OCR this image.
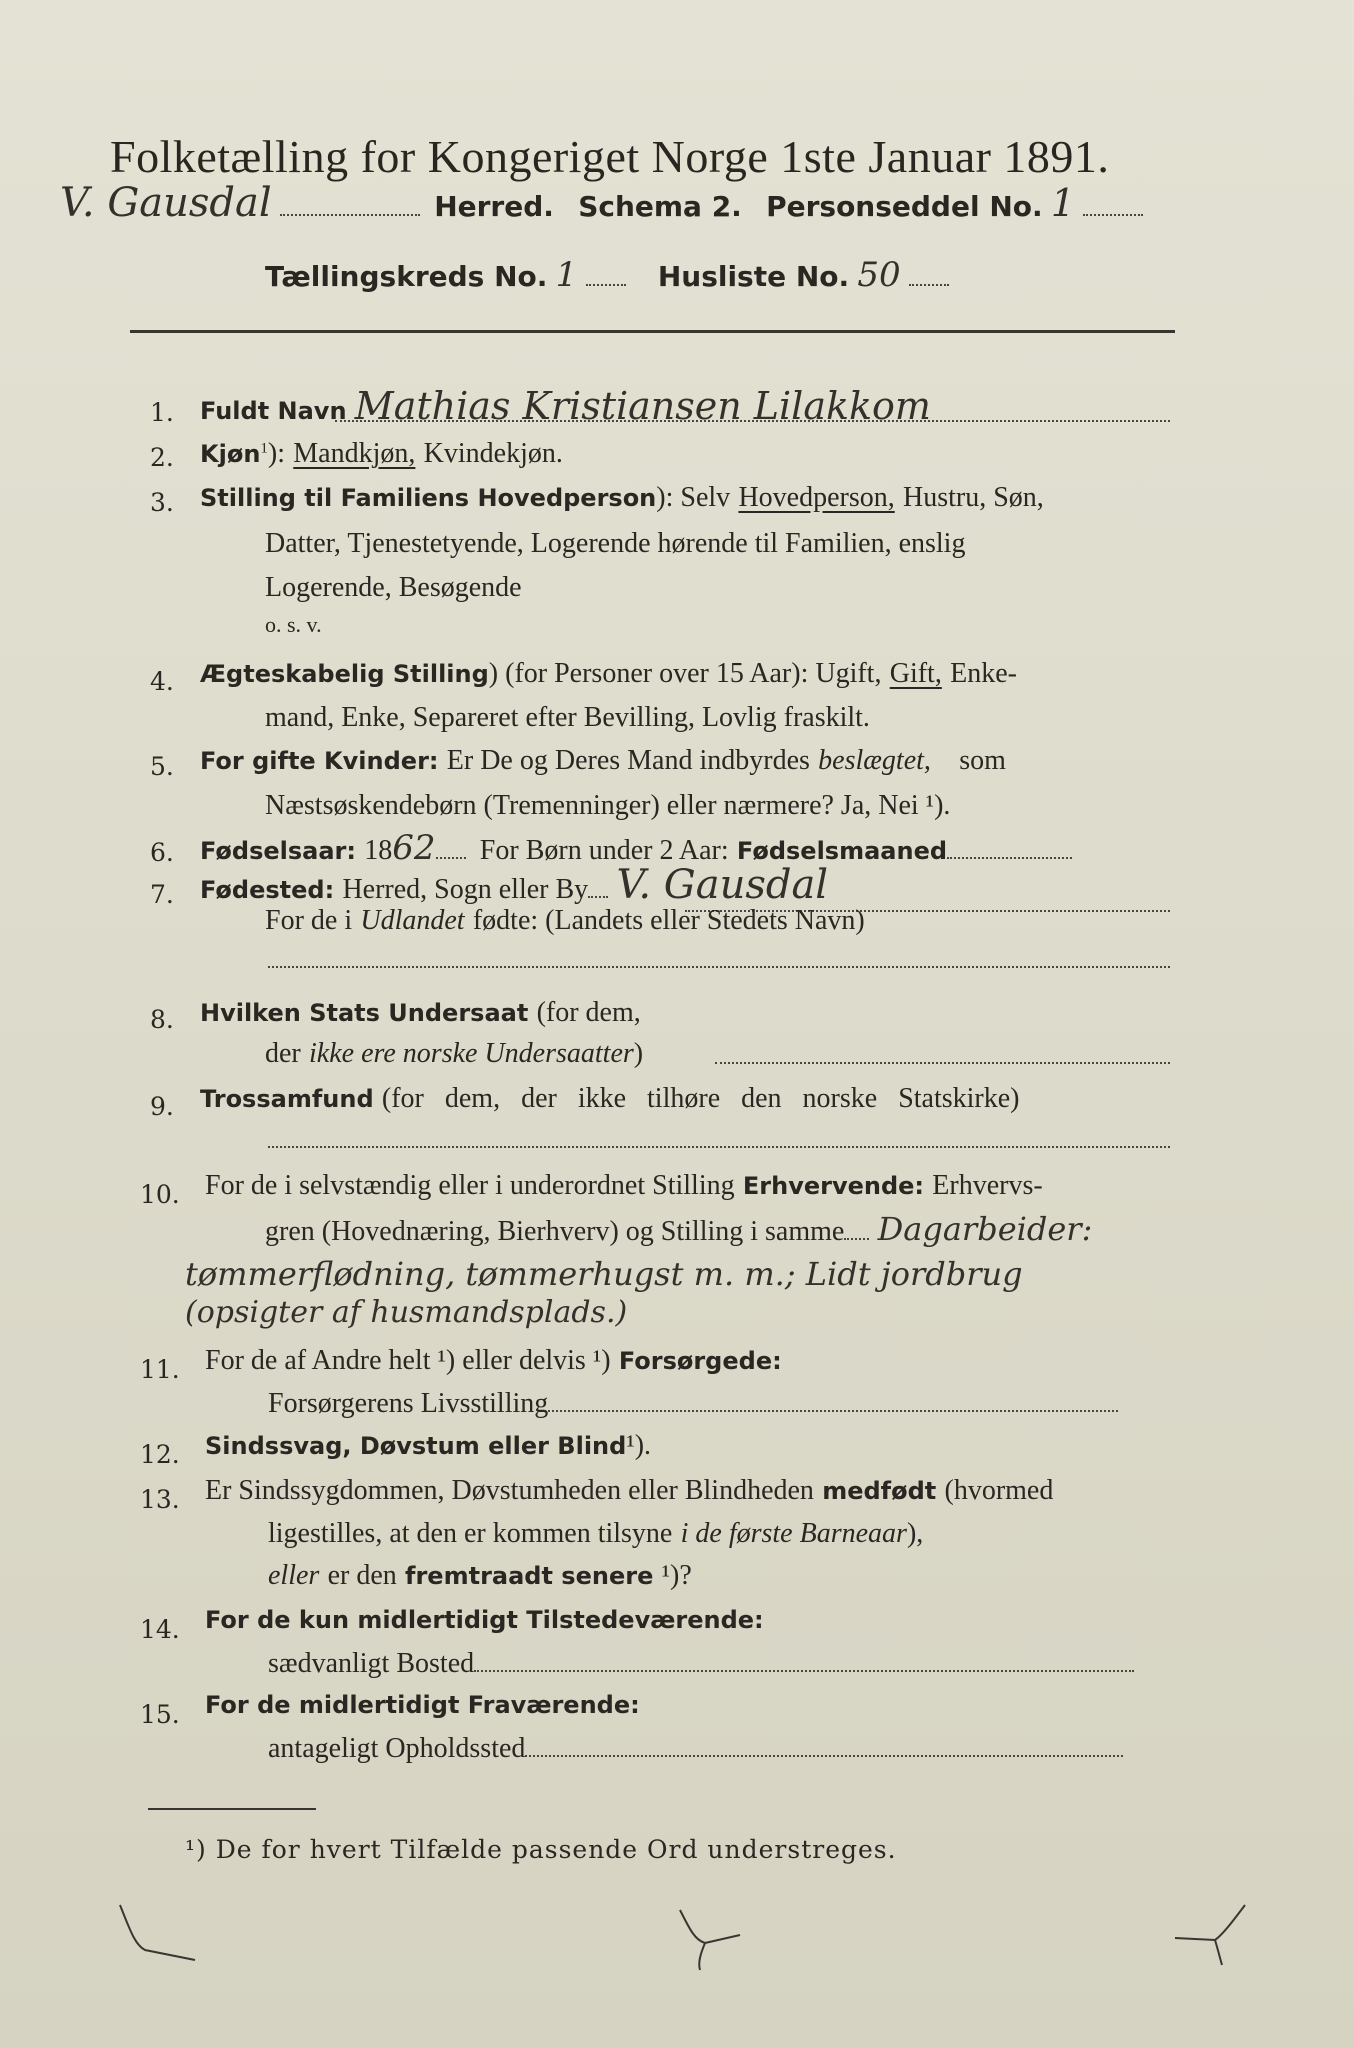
Folketælling for Kongeriget Norge 1ste Januar 1891.
V. Gausdal	Herred. Schema 2. Personseddel No. 1
Tællingskreds No. 1	Husliste No. 50
1. Fuldt Navn Mathias Kristiansen Lilakkom
2. Kjøn$^1$): Mandkjøn, Kvindekjøn.
3. Stilling til Familiens Hovedperson): Selv Hovedperson, Hustru, Søn,
Datter, Tjenestetyende, Logerende hørende til Familien, enslig
Logerende, Besøgende
o. s. v.
4. Ægteskabelig Stilling) (for Personer over 15 Aar): Ugift, Gift, Enke-
mand, Enke, Separeret efter Bevilling, Lovlig fraskilt.
5. For gifte Kvinder: Er De og Deres Mand indbyrdes beslægtet, som
Næstsøskendebørn (Tremenninger) eller nærmere? Ja, Nei ¹).
6. Fødselsaar: 1862 For Børn under 2 Aar: Fødselsmaaned
7. Fødested: Herred, Sogn eller By V. Gausdal
For de i Udlandet fødte: (Landets eller Stedets Navn)
8. Hvilken Stats Undersaat (for dem,
der ikke ere norske Undersaatter)
9. Trossamfund (for dem, der ikke tilhøre den norske Statskirke)
10. For de i selvstændig eller i underordnet Stilling Erhvervende: Erhvervs-
gren (Hovednæring, Bierhverv) og Stilling i samme Dagarbeider:
tømmerflødning, tømmerhugst m. m.; Lidt jordbrug
(opsigter af husmandsplads.)
11. For de af Andre helt ¹) eller delvis ¹) Forsørgede:
Forsørgerens Livsstilling
12. Sindssvag, Døvstum eller Blind¹).
13. Er Sindssygdommen, Døvstumheden eller Blindheden medfødt (hvormed
ligestilles, at den er kommen tilsyne i de første Barneaar),
eller er den fremtraadt senere ¹)?
14. For de kun midlertidigt Tilstedeværende:
sædvanligt Bosted
15. For de midlertidigt Fraværende:
antageligt Opholdssted
¹) De for hvert Tilfælde passende Ord understreges.
